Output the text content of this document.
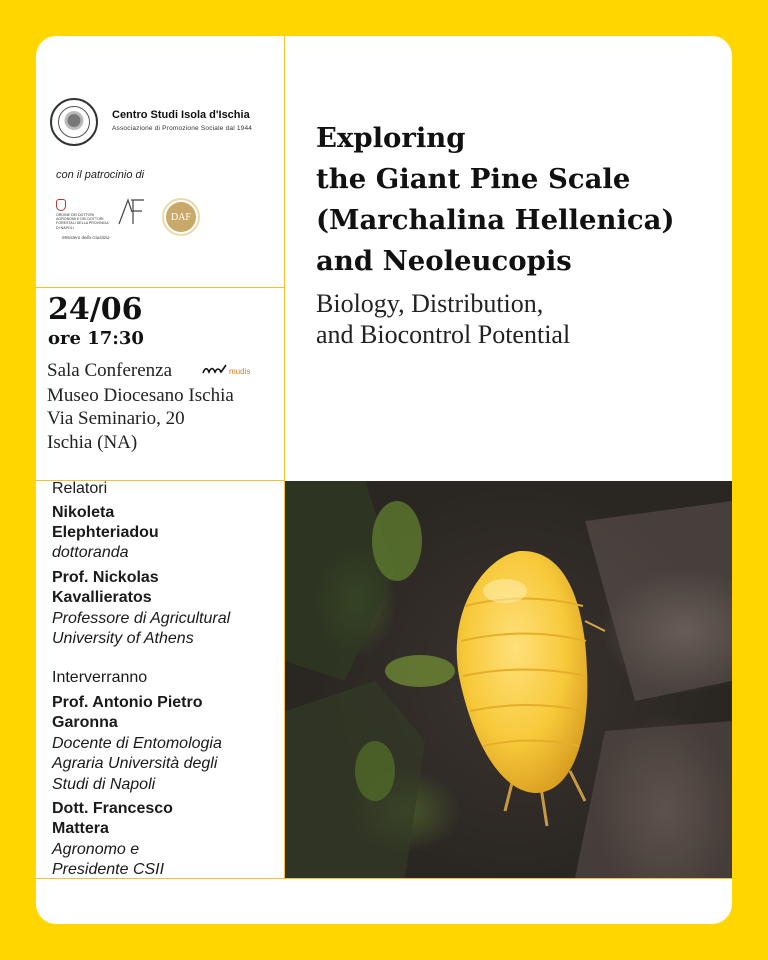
Centro Studi Isola d'Ischia
Associazione di Promozione Sociale dal 1944
con il patrocinio di
ORDINE DEI DOTTORI AGRONOMI E DEI DOTTORI FORESTALI DELLA PROVINCIA DI NAPOLI
Ministero della Giustizia
DAF
24/06
ore 17:30
Sala Conferenza	mudis
Museo Diocesano Ischia
Via Seminario, 20
Ischia (NA)
Relatori
Nikoleta
Elephteriadou
dottoranda
Prof. Nickolas
Kavallieratos
Professore di Agricultural
University of Athens
Interverranno
Prof. Antonio Pietro
Garonna
Docente di Entomologia
Agraria Università degli
Studi di Napoli
Dott. Francesco
Mattera
Agronomo e
Presidente CSII
Exploring
the Giant Pine Scale
(Marchalina Hellenica)
and Neoleucopis
Biology, Distribution,
and Biocontrol Potential
